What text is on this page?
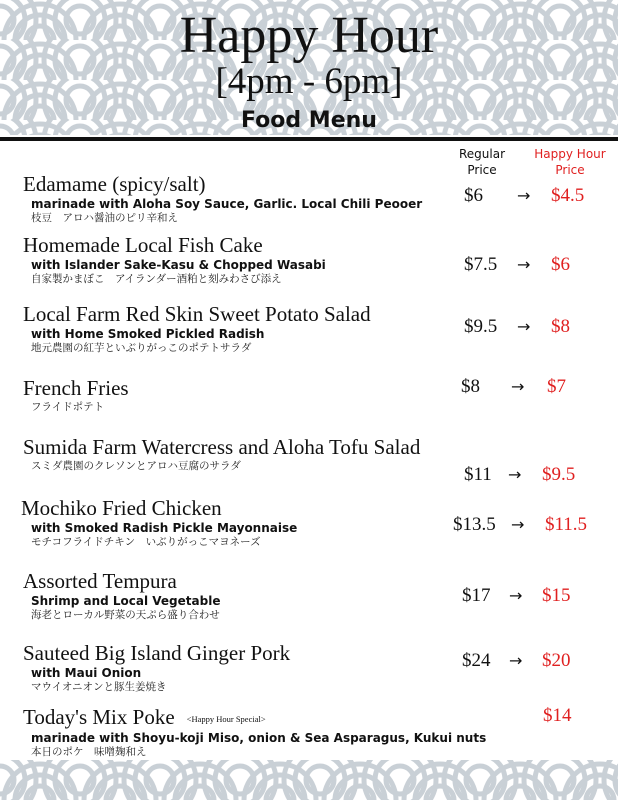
Happy Hour
[4pm - 6pm]
Food Menu
Regular
Price
Happy Hour
Price
Edamame (spicy/salt)
marinade with Aloha Soy Sauce, Garlic. Local Chili Peooer
枝豆　アロハ醤油のピリ辛和え
$6 → $4.5
Homemade Local Fish Cake
with Islander Sake-Kasu & Chopped Wasabi
自家製かまぼこ　アイランダー酒粕と刻みわさび添え
$7.5 → $6
Local Farm Red Skin Sweet Potato Salad
with Home Smoked Pickled Radish
地元農園の紅芋といぶりがっこのポテトサラダ
$9.5 → $8
French Fries
フライドポテト
$8 → $7
Sumida Farm Watercress and Aloha Tofu Salad
スミダ農園のクレソンとアロハ豆腐のサラダ	$11 → $9.5
Mochiko Fried Chicken
with Smoked Radish Pickle Mayonnaise
モチコフライドチキン　いぶりがっこマヨネーズ
$13.5 → $11.5
Assorted Tempura
Shrimp and Local Vegetable
海老とローカル野菜の天ぷら盛り合わせ
$17 → $15
Sauteed Big Island Ginger Pork
with Maui Onion
マウイオニオンと豚生姜焼き
$24 → $20
Today's Mix Poke <Happy Hour Special>
marinade with Shoyu-koji Miso, onion & Sea Asparagus, Kukui nuts
本日のポケ　味噌麹和え
$14
